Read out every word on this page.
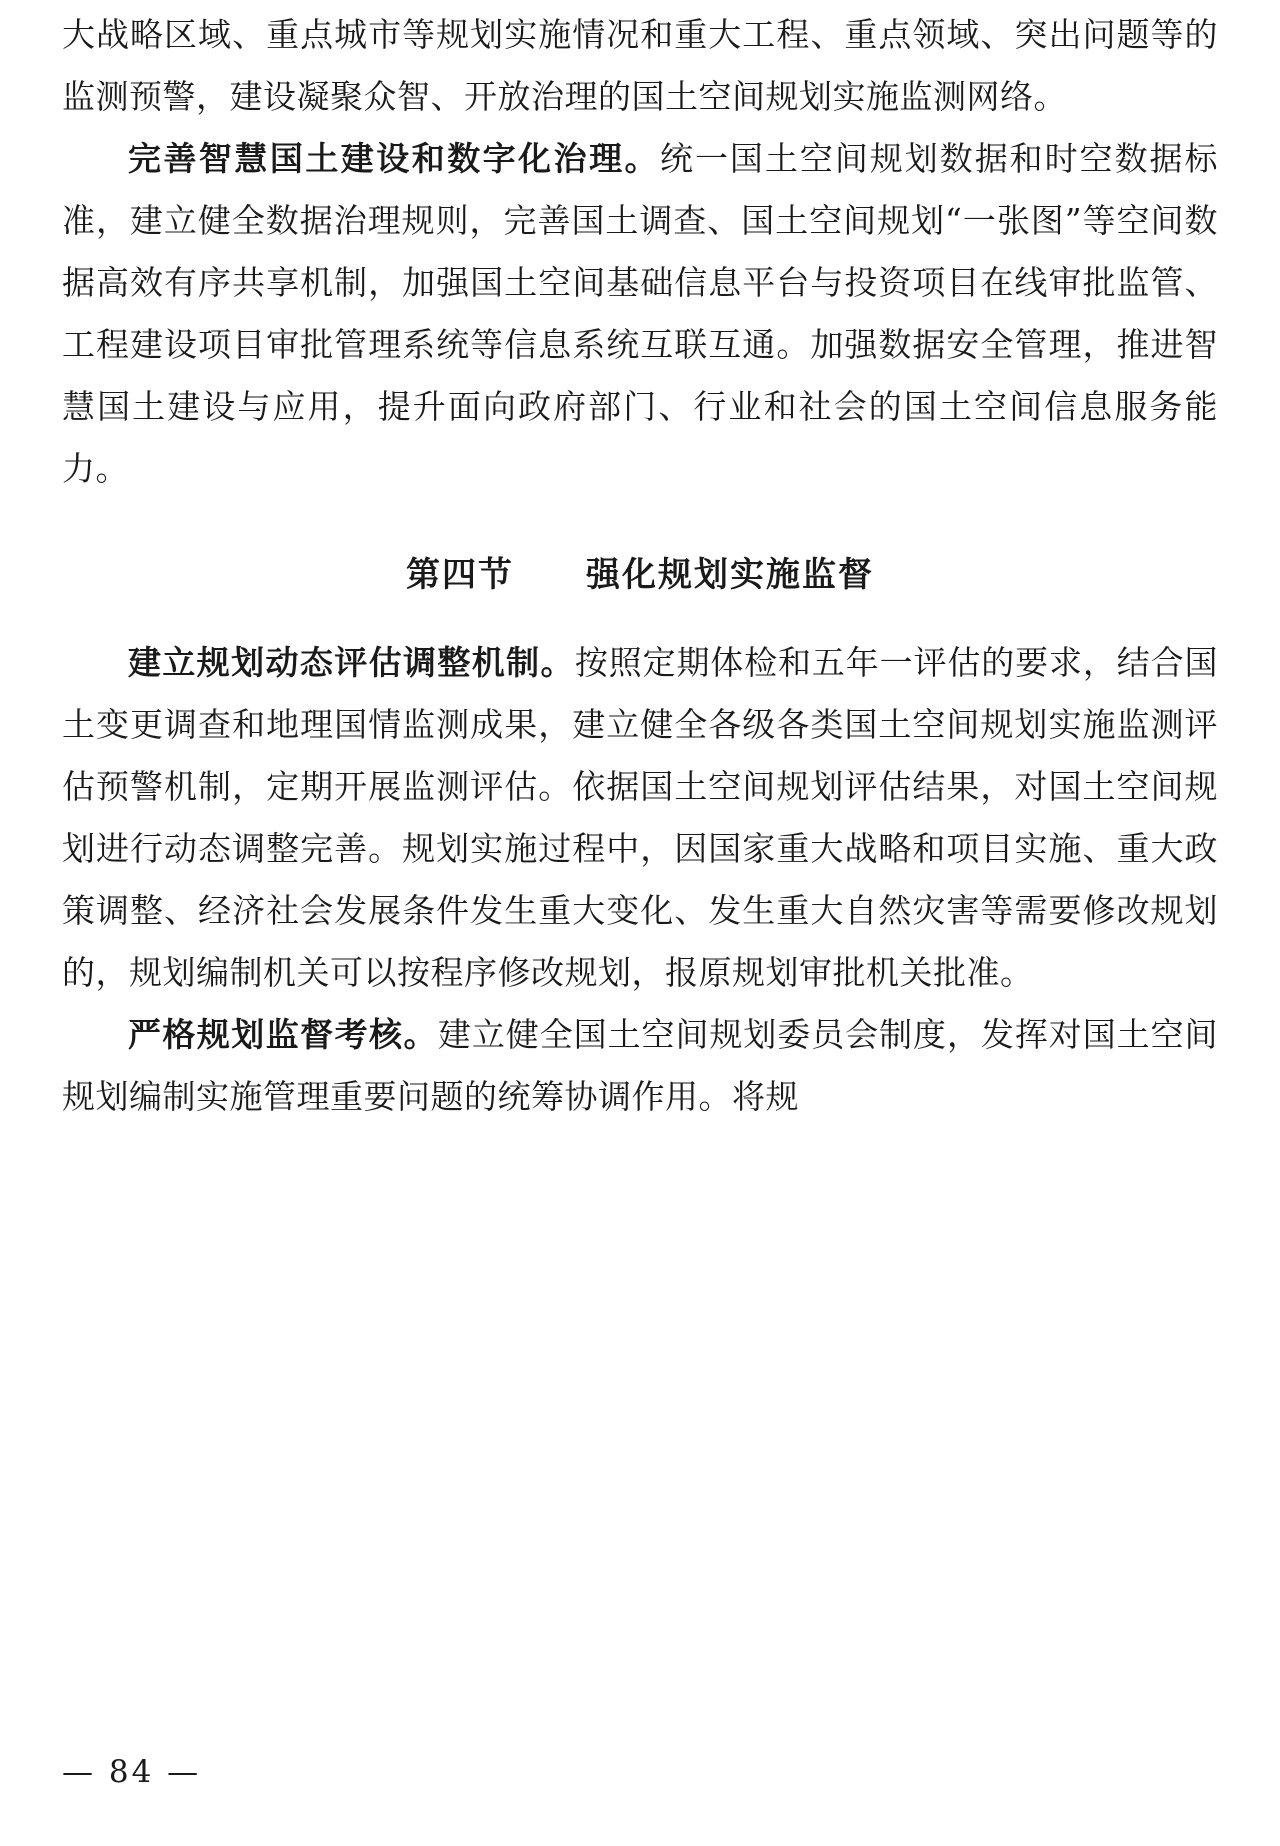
大战略区域、重点城市等规划实施情况和重大工程、重点领域、突出问题等的监测预警，建设凝聚众智、开放治理的国土空间规划实施监测网络。

完善智慧国土建设和数字化治理。统一国土空间规划数据和时空数据标准，建立健全数据治理规则，完善国土调查、国土空间规划“一张图”等空间数据高效有序共享机制，加强国土空间基础信息平台与投资项目在线审批监管、工程建设项目审批管理系统等信息系统互联互通。加强数据安全管理，推进智慧国土建设与应用，提升面向政府部门、行业和社会的国土空间信息服务能力。

第四节　　强化规划实施监督

建立规划动态评估调整机制。按照定期体检和五年一评估的要求，结合国土变更调查和地理国情监测成果，建立健全各级各类国土空间规划实施监测评估预警机制，定期开展监测评估。依据国土空间规划评估结果，对国土空间规划进行动态调整完善。规划实施过程中，因国家重大战略和项目实施、重大政策调整、经济社会发展条件发生重大变化、发生重大自然灾害等需要修改规划的，规划编制机关可以按程序修改规划，报原规划审批机关批准。

严格规划监督考核。建立健全国土空间规划委员会制度，发挥对国土空间规划编制实施管理重要问题的统筹协调作用。将规

— 84 —
